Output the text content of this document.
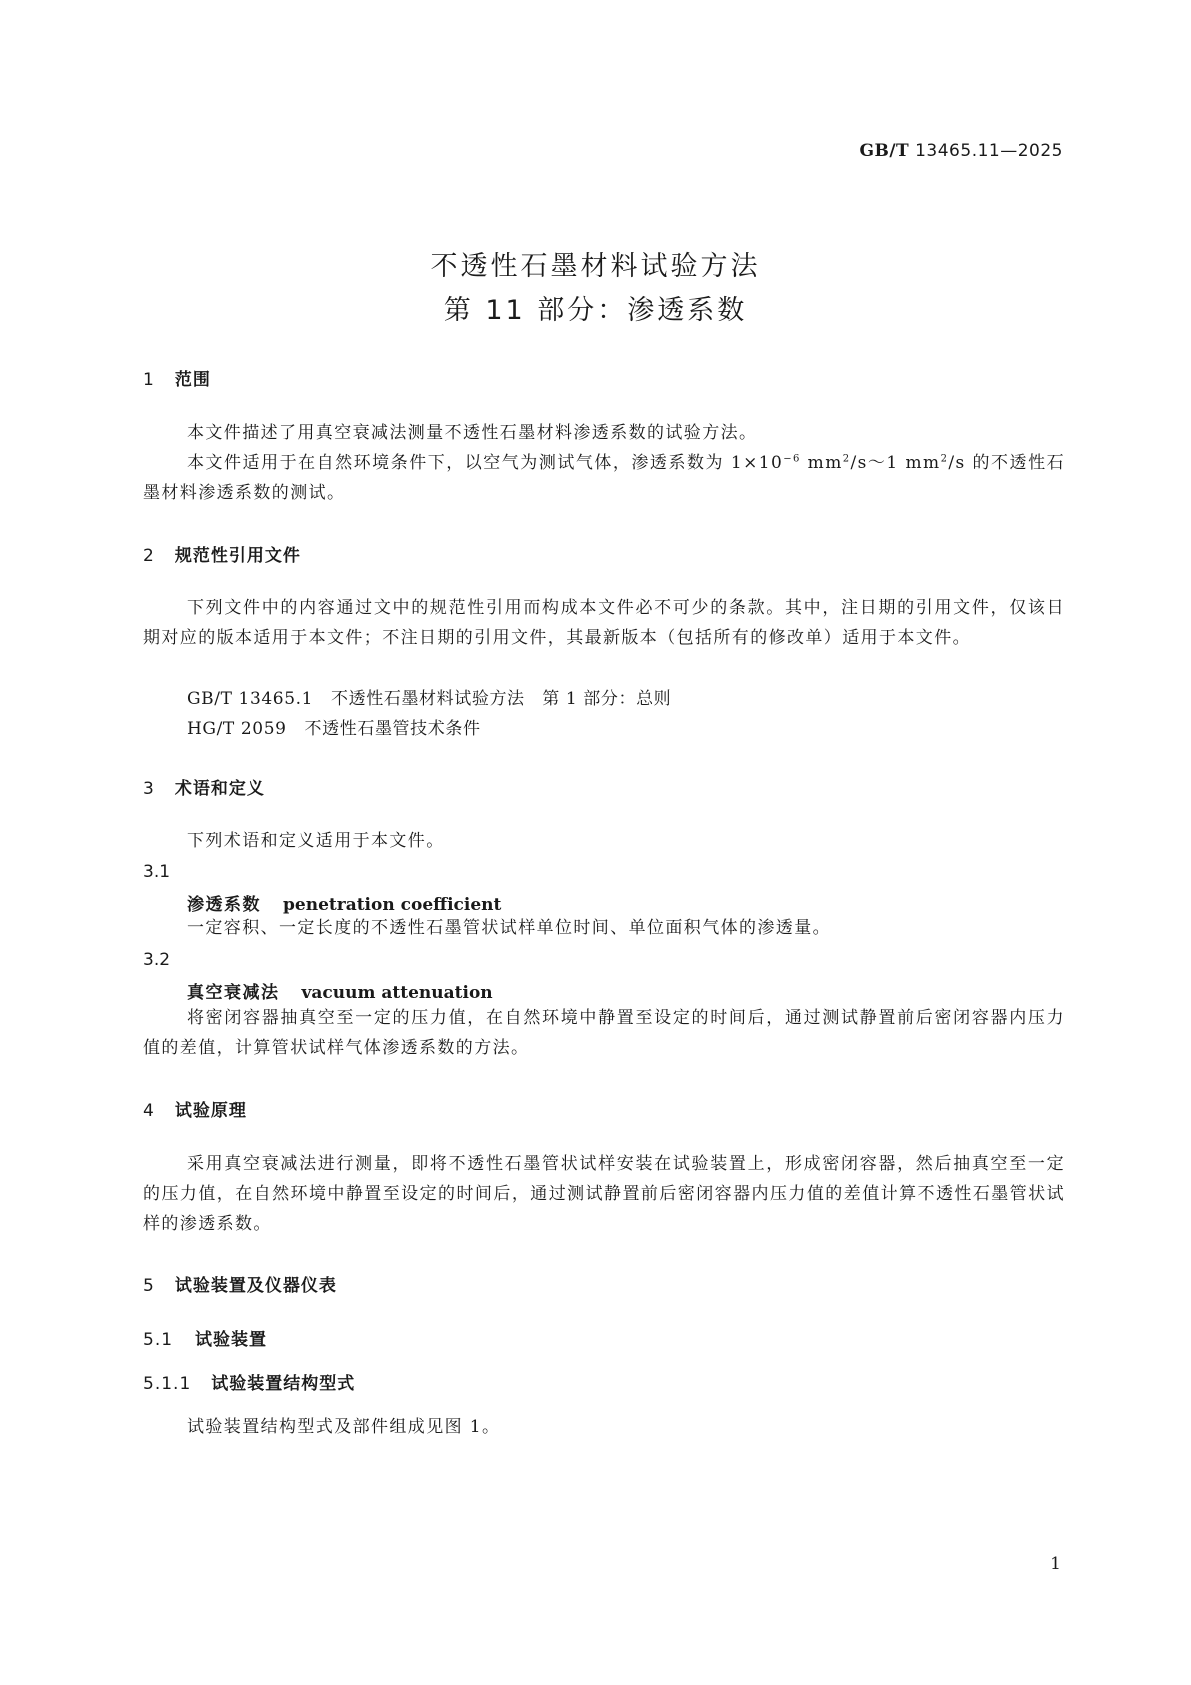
GB/T 13465.11—2025
不透性石墨材料试验方法
第 11 部分：渗透系数
1 范围
本文件描述了用真空衰减法测量不透性石墨材料渗透系数的试验方法。
本文件适用于在自然环境条件下，以空气为测试气体，渗透系数为 $1\times 10^{-6}$ $mm^2/s\sim 1$ $mm^2/s$ 的不透性石墨材料渗透系数的测试。
2 规范性引用文件
下列文件中的内容通过文中的规范性引用而构成本文件必不可少的条款。其中，注日期的引用文件，仅该日期对应的版本适用于本文件；不注日期的引用文件，其最新版本（包括所有的修改单）适用于本文件。
GB/T 13465.1 不透性石墨材料试验方法　第 1 部分：总则
HG/T 2059 不透性石墨管技术条件
3 术语和定义
下列术语和定义适用于本文件。
3.1
渗透系数 penetration coefficient
一定容积、一定长度的不透性石墨管状试样单位时间、单位面积气体的渗透量。
3.2
真空衰减法 vacuum attenuation
将密闭容器抽真空至一定的压力值，在自然环境中静置至设定的时间后，通过测试静置前后密闭容器内压力值的差值，计算管状试样气体渗透系数的方法。
4 试验原理
采用真空衰减法进行测量，即将不透性石墨管状试样安装在试验装置上，形成密闭容器，然后抽真空至一定的压力值，在自然环境中静置至设定的时间后，通过测试静置前后密闭容器内压力值的差值计算不透性石墨管状试样的渗透系数。
5 试验装置及仪器仪表
5.1 试验装置
5.1.1 试验装置结构型式
试验装置结构型式及部件组成见图 1。
1
